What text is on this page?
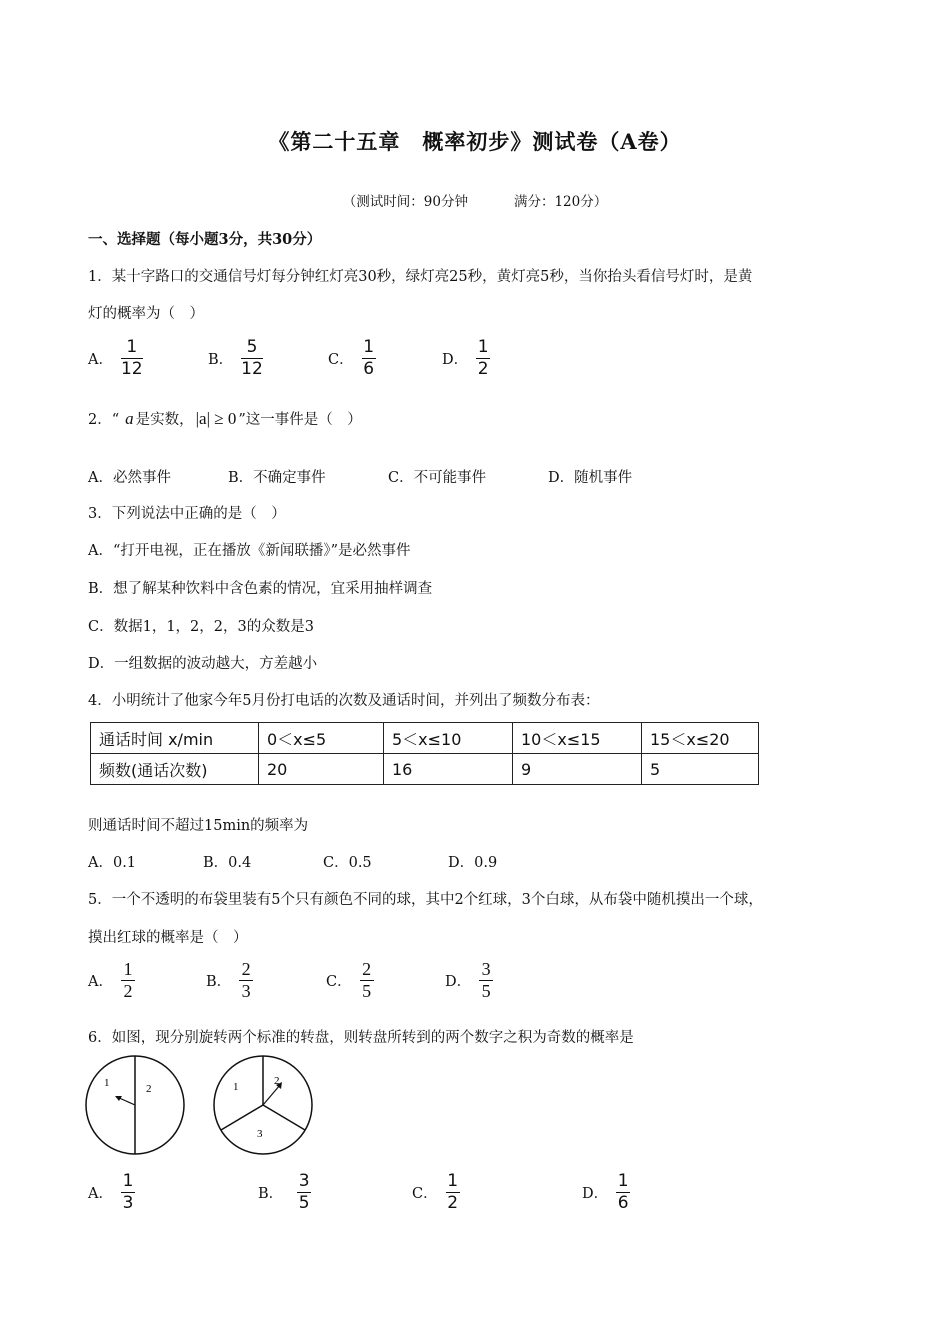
《第二十五章　概率初步》测试卷（A卷）
（测试时间：90分钟	满分：120分）
一、选择题（每小题3分，共30分）
1．某十字路口的交通信号灯每分钟红灯亮30秒，绿灯亮25秒，黄灯亮5秒，当你抬头看信号灯时，是黄
灯的概率为（　）
A． $\frac{1}{12}$	B． $\frac{5}{12}$	C． $\frac{1}{6}$	D． $\frac{1}{2}$
2．“ a 是实数， |a| ≥ 0 ”这一事件是（　）
A．必然事件	B．不确定事件	C．不可能事件	D．随机事件
3．下列说法中正确的是（　）
A．“打开电视，正在播放《新闻联播》”是必然事件
B．想了解某种饮料中含色素的情况，宜采用抽样调查
C．数据1，1，2，2，3的众数是3
D．一组数据的波动越大，方差越小
4．小明统计了他家今年5月份打电话的次数及通话时间，并列出了频数分布表：
通话时间 x/min	0＜x≤5	5＜x≤10	10＜x≤15	15＜x≤20
频数(通话次数)	20	16	9	5
则通话时间不超过15min的频率为
A．0.1	B．0.4	C．0.5	D．0.9
5．一个不透明的布袋里装有5个只有颜色不同的球，其中2个红球，3个白球，从布袋中随机摸出一个球，
摸出红球的概率是（　）
A． $\frac{1}{2}$	B． $\frac{2}{3}$	C． $\frac{2}{5}$	D． $\frac{3}{5}$
6．如图，现分别旋转两个标准的转盘，则转盘所转到的两个数字之积为奇数的概率是
1	2	1	2
3
A． $\frac{1}{3}$	B． $\frac{3}{5}$	C． $\frac{1}{2}$	D． $\frac{1}{6}$
